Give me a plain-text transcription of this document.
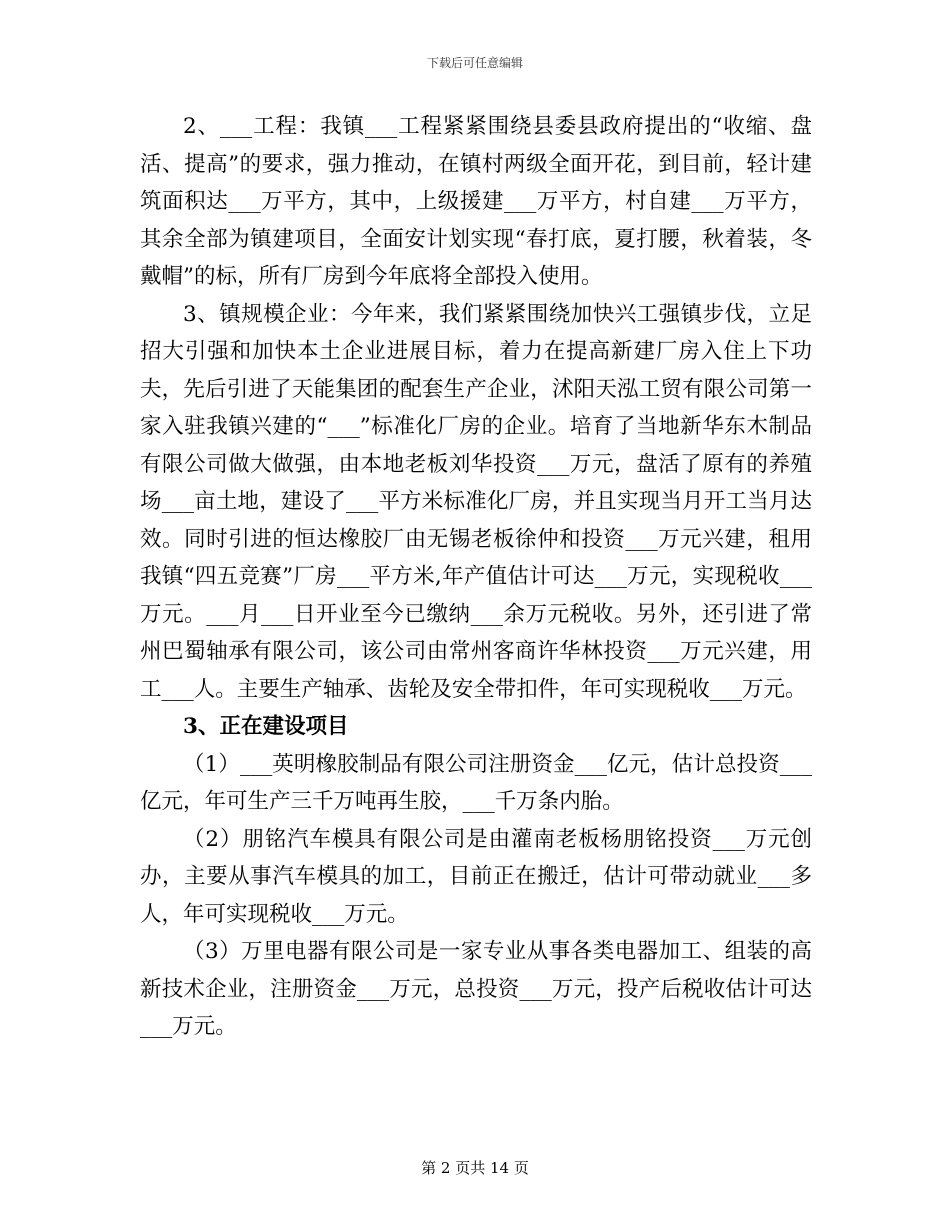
下载后可任意编辑

2、___工程：我镇___工程紧紧围绕县委县政府提出的“收缩、盘活、提高”的要求，强力推动，在镇村两级全面开花，到目前，轻计建筑面积达___万平方，其中，上级援建___万平方，村自建___万平方，其余全部为镇建项目，全面安计划实现“春打底，夏打腰，秋着装，冬戴帽”的标，所有厂房到今年底将全部投入使用。

3、镇规模企业：今年来，我们紧紧围绕加快兴工强镇步伐，立足招大引强和加快本土企业进展目标，着力在提高新建厂房入住上下功夫，先后引进了天能集团的配套生产企业，沭阳天泓工贸有限公司第一家入驻我镇兴建的“___”标准化厂房的企业。培育了当地新华东木制品有限公司做大做强，由本地老板刘华投资___万元，盘活了原有的养殖场___亩土地，建设了___平方米标准化厂房，并且实现当月开工当月达效。同时引进的恒达橡胶厂由无锡老板徐仲和投资___万元兴建，租用我镇“四五竞赛”厂房___平方米,年产值估计可达___万元，实现税收___万元。___月___日开业至今已缴纳___余万元税收。另外，还引进了常州巴蜀轴承有限公司，该公司由常州客商许华林投资___万元兴建，用工___人。主要生产轴承、齿轮及安全带扣件，年可实现税收___万元。

3、正在建设项目

（1）___英明橡胶制品有限公司注册资金___亿元，估计总投资___亿元，年可生产三千万吨再生胶，___千万条内胎。

（2）朋铭汽车模具有限公司是由灌南老板杨朋铭投资___万元创办，主要从事汽车模具的加工，目前正在搬迁，估计可带动就业___多人，年可实现税收___万元。

（3）万里电器有限公司是一家专业从事各类电器加工、组装的高新技术企业，注册资金___万元，总投资___万元，投产后税收估计可达___万元。

第 2 页共 14 页
